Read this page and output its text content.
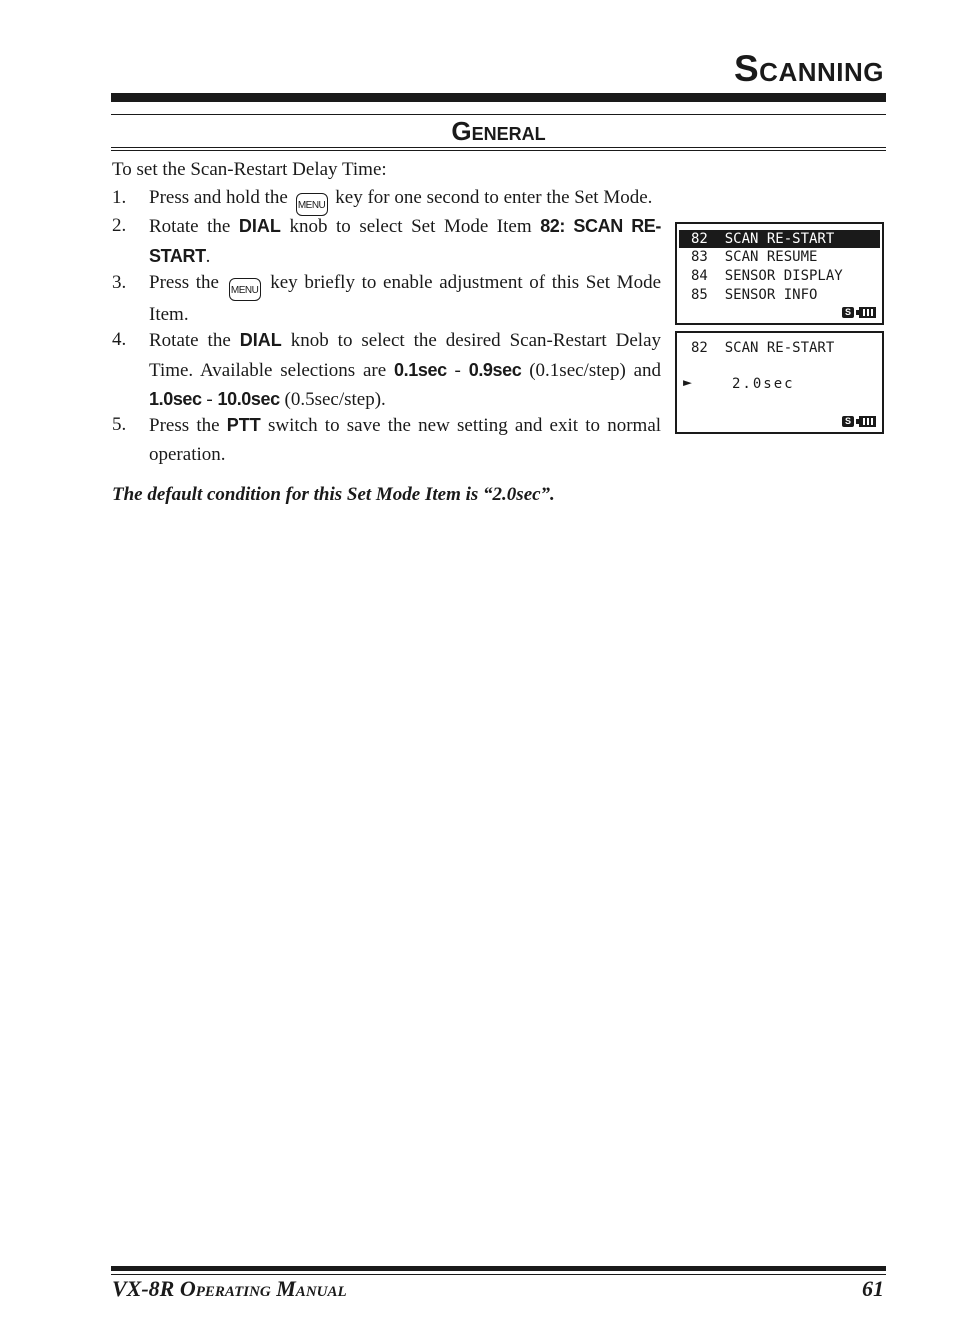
Scanning
General
To set the Scan-Restart Delay Time:
1. Press and hold the MENU key for one second to enter the Set Mode.
2. Rotate the DIAL knob to select Set Mode Item 82: SCAN RE-START.
3. Press the MENU key briefly to enable adjustment of this Set Mode Item.
4. Rotate the DIAL knob to select the desired Scan-Restart Delay Time. Available selections are 0.1sec - 0.9sec (0.1sec/step) and 1.0sec - 10.0sec (0.5sec/step).
5. Press the PTT switch to save the new setting and exit to normal operation.

The default condition for this Set Mode Item is “2.0sec”.

82  SCAN RE-START
83  SCAN RESUME
84  SENSOR DISPLAY
85  SENSOR INFO
S
82  SCAN RE-START
►	2.0sec
S

VX-8R Operating Manual	61
